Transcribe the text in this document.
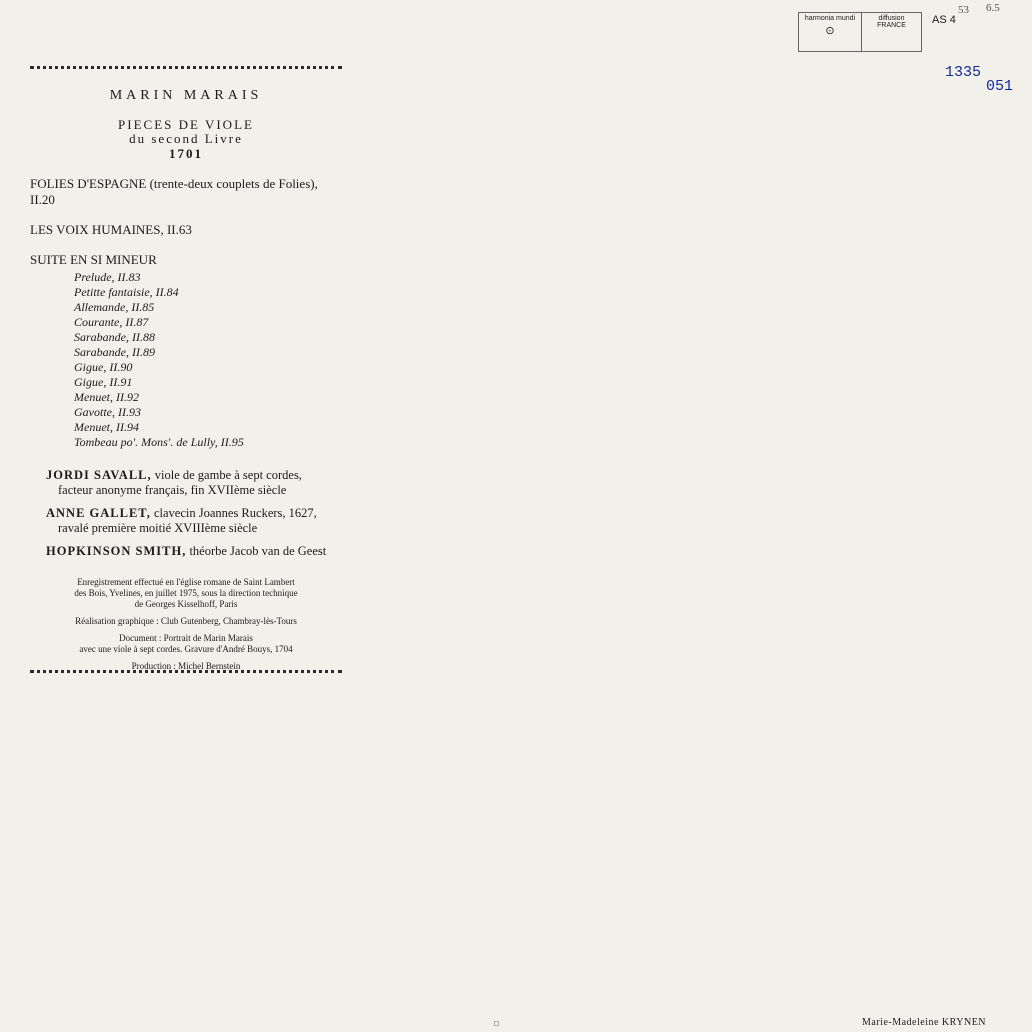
harmonia mundi
⊙
diffusion
FRANCE AS 4
53 6.5
1335
051
MARIN MARAIS
PIECES DE VIOLE
du second Livre
1701
FOLIES D'ESPAGNE (trente-deux couplets de Folies), II.20
LES VOIX HUMAINES, II.63
SUITE EN SI MINEUR
Prelude, II.83
Petitte fantaisie, II.84
Allemande, II.85
Courante, II.87
Sarabande, II.88
Sarabande, II.89
Gigue, II.90
Gigue, II.91
Menuet, II.92
Gavotte, II.93
Menuet, II.94
Tombeau po'. Mons'. de Lully, II.95
JORDI SAVALL, viole de gambe à sept cordes,
facteur anonyme français, fin XVIIème siècle
ANNE GALLET, clavecin Joannes Ruckers, 1627,
ravalé première moitié XVIIIème siècle
HOPKINSON SMITH, théorbe Jacob van de Geest

Enregistrement effectué en l'église romane de Saint Lambert
des Bois, Yvelines, en juillet 1975, sous la direction technique
de Georges Kisselhoff, Paris

Réalisation graphique : Club Gutenberg, Chambray-lès-Tours

Document : Portrait de Marin Marais
avec une viole à sept cordes. Gravure d'André Bouys, 1704

Production : Michel Bernstein

□	Marie-Madeleine KRYNEN
